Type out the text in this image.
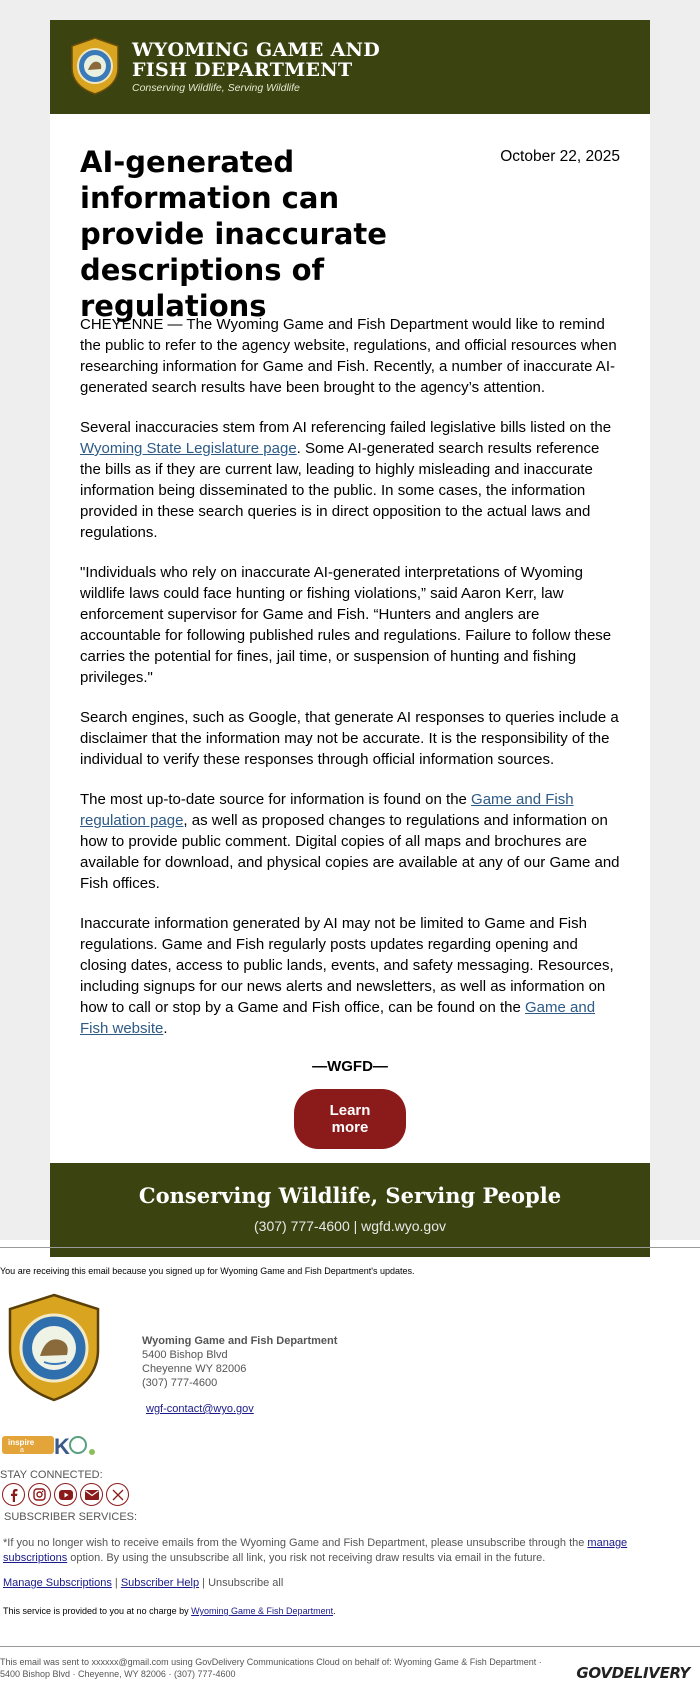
WYOMING GAME AND
FISH DEPARTMENT
Conserving Wildlife, Serving Wildlife
AI-generated information can provide inaccurate descriptions of regulations
October 22, 2025

CHEYENNE — The Wyoming Game and Fish Department would like to remind the public to refer to the agency website, regulations, and official resources when researching information for Game and Fish. Recently, a number of inaccurate AI-generated search results have been brought to the agency’s attention.

Several inaccuracies stem from AI referencing failed legislative bills listed on the Wyoming State Legislature page. Some AI-generated search results reference the bills as if they are current law, leading to highly misleading and inaccurate information being disseminated to the public. In some cases, the information provided in these search queries is in direct opposition to the actual laws and regulations.

"Individuals who rely on inaccurate AI-generated interpretations of Wyoming wildlife laws could face hunting or fishing violations,” said Aaron Kerr, law enforcement supervisor for Game and Fish. “Hunters and anglers are accountable for following published rules and regulations. Failure to follow these carries the potential for fines, jail time, or suspension of hunting and fishing privileges."

Search engines, such as Google, that generate AI responses to queries include a disclaimer that the information may not be accurate. It is the responsibility of the individual to verify these responses through official information sources.

The most up-to-date source for information is found on the Game and Fish regulation page, as well as proposed changes to regulations and information on how to provide public comment. Digital copies of all maps and brochures are available for download, and physical copies are available at any of our Game and Fish offices.

Inaccurate information generated by AI may not be limited to Game and Fish regulations. Game and Fish regularly posts updates regarding opening and closing dates, access to public lands, events, and safety messaging. Resources, including signups for our news alerts and newsletters, as well as information on how to call or stop by a Game and Fish office, can be found on the Game and Fish website.

—WGFD—
Learn more
Conserving Wildlife, Serving People
(307) 777-4600 | wgfd.wyo.gov
You are receiving this email because you signed up for Wyoming Game and Fish Department's updates.
Wyoming Game and Fish Department
5400 Bishop Blvd
Cheyenne WY 82006
(307) 777-4600
wgf-contact@wyo.gov
inspire
a K
STAY CONNECTED:
SUBSCRIBER SERVICES:
*If you no longer wish to receive emails from the Wyoming Game and Fish Department, please unsubscribe through the manage subscriptions option. By using the unsubscribe all link, you risk not receiving draw results via email in the future.
Manage Subscriptions | Subscriber Help | Unsubscribe all
This service is provided to you at no charge by Wyoming Game & Fish Department.
This email was sent to xxxxxx@gmail.com using GovDelivery Communications Cloud on behalf of: Wyoming Game & Fish Department · 5400 Bishop Blvd · Cheyenne, WY 82006 · (307) 777-4600	GOVDELIVERY
